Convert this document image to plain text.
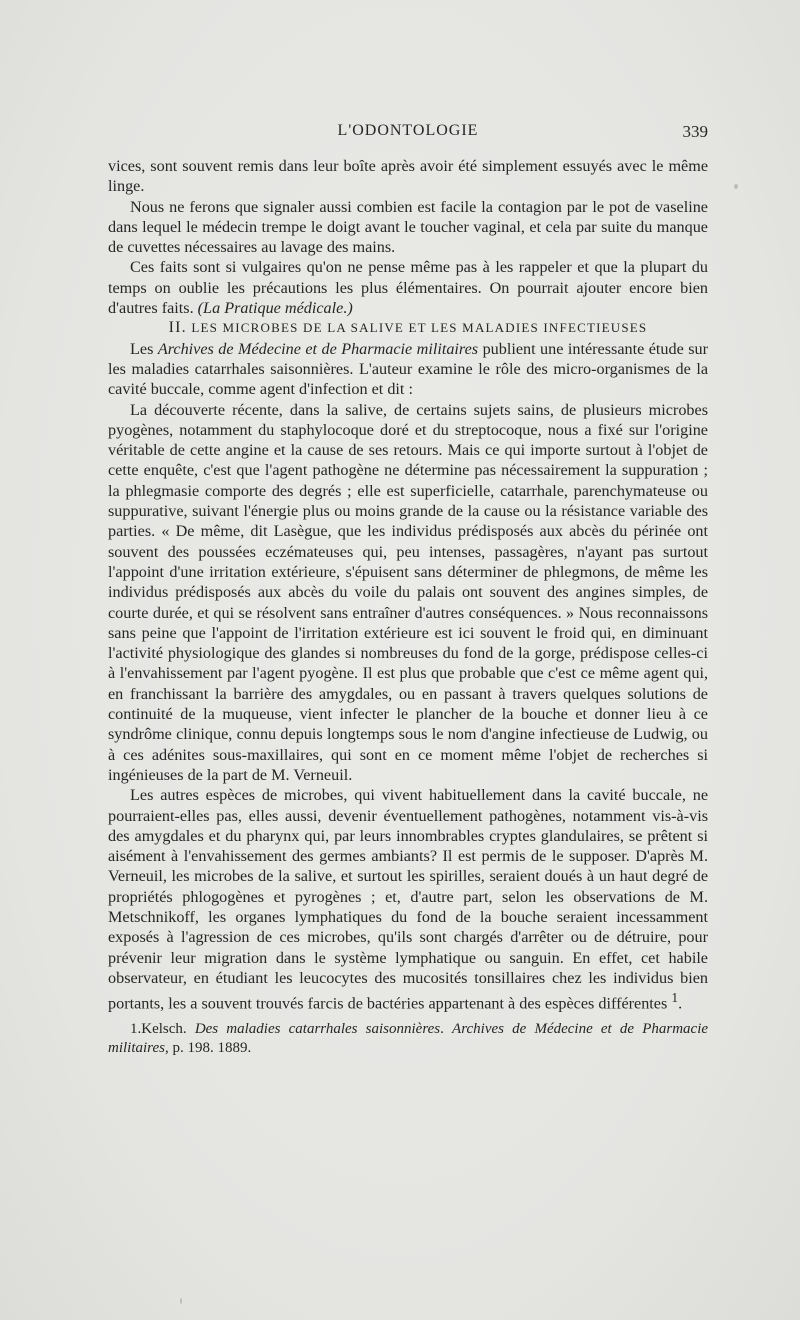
L'ODONTOLOGIE	339

vices, sont souvent remis dans leur boîte après avoir été simplement essuyés avec le même linge.

Nous ne ferons que signaler aussi combien est facile la contagion par le pot de vaseline dans lequel le médecin trempe le doigt avant le toucher vaginal, et cela par suite du manque de cuvettes nécessaires au lavage des mains.

Ces faits sont si vulgaires qu'on ne pense même pas à les rappeler et que la plupart du temps on oublie les précautions les plus élémentaires. On pourrait ajouter encore bien d'autres faits. (La Pratique médicale.)

II. LES MICROBES DE LA SALIVE ET LES MALADIES INFECTIEUSES

Les Archives de Médecine et de Pharmacie militaires publient une intéressante étude sur les maladies catarrhales saisonnières. L'auteur examine le rôle des micro-organismes de la cavité buccale, comme agent d'infection et dit :

La découverte récente, dans la salive, de certains sujets sains, de plusieurs microbes pyogènes, notamment du staphylocoque doré et du streptocoque, nous a fixé sur l'origine véritable de cette angine et la cause de ses retours. Mais ce qui importe surtout à l'objet de cette enquête, c'est que l'agent pathogène ne détermine pas nécessairement la suppuration ; la phlegmasie comporte des degrés ; elle est superficielle, catarrhale, parenchymateuse ou suppurative, suivant l'énergie plus ou moins grande de la cause ou la résistance variable des parties. « De même, dit Lasègue, que les individus prédisposés aux abcès du périnée ont souvent des poussées eczémateuses qui, peu intenses, passagères, n'ayant pas surtout l'appoint d'une irritation extérieure, s'épuisent sans déterminer de phlegmons, de même les individus prédisposés aux abcès du voile du palais ont souvent des angines simples, de courte durée, et qui se résolvent sans entraîner d'autres conséquences. » Nous reconnaissons sans peine que l'appoint de l'irritation extérieure est ici souvent le froid qui, en diminuant l'activité physiologique des glandes si nombreuses du fond de la gorge, prédispose celles-ci à l'envahissement par l'agent pyogène. Il est plus que probable que c'est ce même agent qui, en franchissant la barrière des amygdales, ou en passant à travers quelques solutions de continuité de la muqueuse, vient infecter le plancher de la bouche et donner lieu à ce syndrôme clinique, connu depuis longtemps sous le nom d'angine infectieuse de Ludwig, ou à ces adénites sous-maxillaires, qui sont en ce moment même l'objet de recherches si ingénieuses de la part de M. Verneuil.

Les autres espèces de microbes, qui vivent habituellement dans la cavité buccale, ne pourraient-elles pas, elles aussi, devenir éventuellement pathogènes, notamment vis-à-vis des amygdales et du pharynx qui, par leurs innombrables cryptes glandulaires, se prêtent si aisément à l'envahissement des germes ambiants? Il est permis de le supposer. D'après M. Verneuil, les microbes de la salive, et surtout les spirilles, seraient doués à un haut degré de propriétés phlogogènes et pyrogènes ; et, d'autre part, selon les observations de M. Metschnikoff, les organes lymphatiques du fond de la bouche seraient incessamment exposés à l'agression de ces microbes, qu'ils sont chargés d'arrêter ou de détruire, pour prévenir leur migration dans le système lymphatique ou sanguin. En effet, cet habile observateur, en étudiant les leucocytes des mucosités tonsillaires chez les individus bien portants, les a souvent trouvés farcis de bactéries appartenant à des espèces différentes $^1$.

1.Kelsch. Des maladies catarrhales saisonnières. Archives de Médecine et de Pharmacie militaires, p. 198. 1889.
